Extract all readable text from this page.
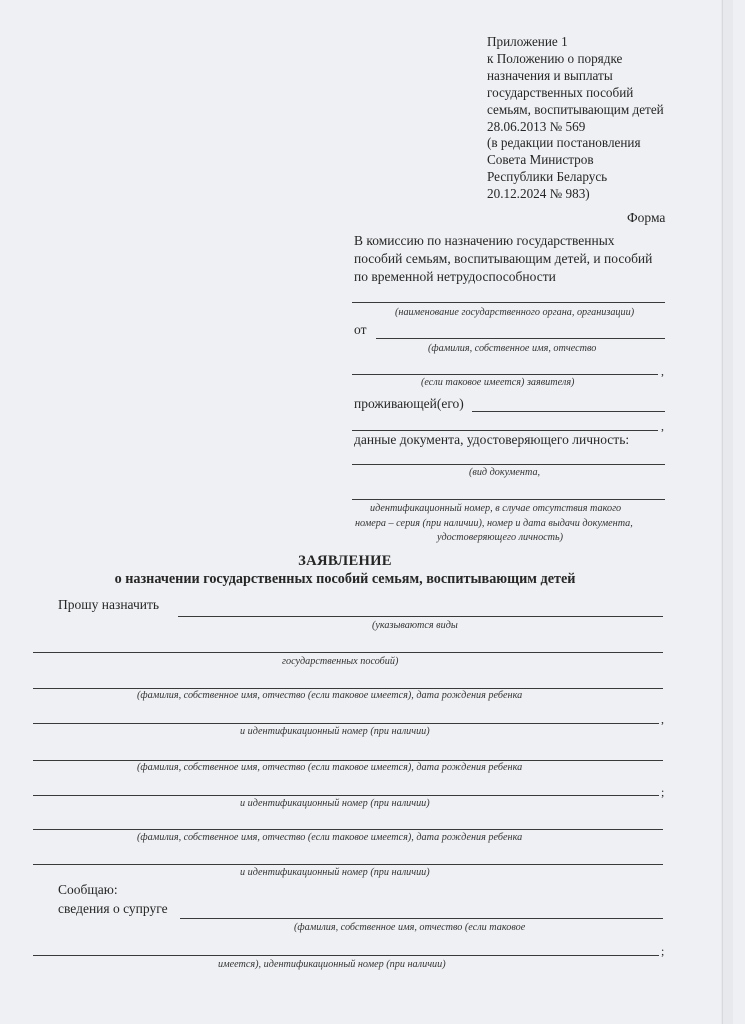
Приложение 1
к Положению о порядке
назначения и выплаты
государственных пособий
семьям, воспитывающим детей
28.06.2013 № 569
(в редакции постановления
Совета Министров
Республики Беларусь
20.12.2024 № 983)
Форма
В комиссию по назначению государственных
пособий семьям, воспитывающим детей, и пособий
по временной нетрудоспособности
(наименование государственного органа, организации)
от
(фамилия, собственное имя, отчество
,
(если таковое имеется) заявителя)
проживающей(его)
,
данные документа, удостоверяющего личность:
(вид документа,
идентификационный номер, в случае отсутствия такого
номера – серия (при наличии), номер и дата выдачи документа,
удостоверяющего личность)
ЗАЯВЛЕНИЕ
о назначении государственных пособий семьям, воспитывающим детей
Прошу назначить
(указываются виды
государственных пособий)
(фамилия, собственное имя, отчество (если таковое имеется), дата рождения ребенка
,
и идентификационный номер (при наличии)
(фамилия, собственное имя, отчество (если таковое имеется), дата рождения ребенка
;
и идентификационный номер (при наличии)
(фамилия, собственное имя, отчество (если таковое имеется), дата рождения ребенка
и идентификационный номер (при наличии)
Сообщаю:
сведения о супруге
(фамилия, собственное имя, отчество (если таковое
;
имеется), идентификационный номер (при наличии)
